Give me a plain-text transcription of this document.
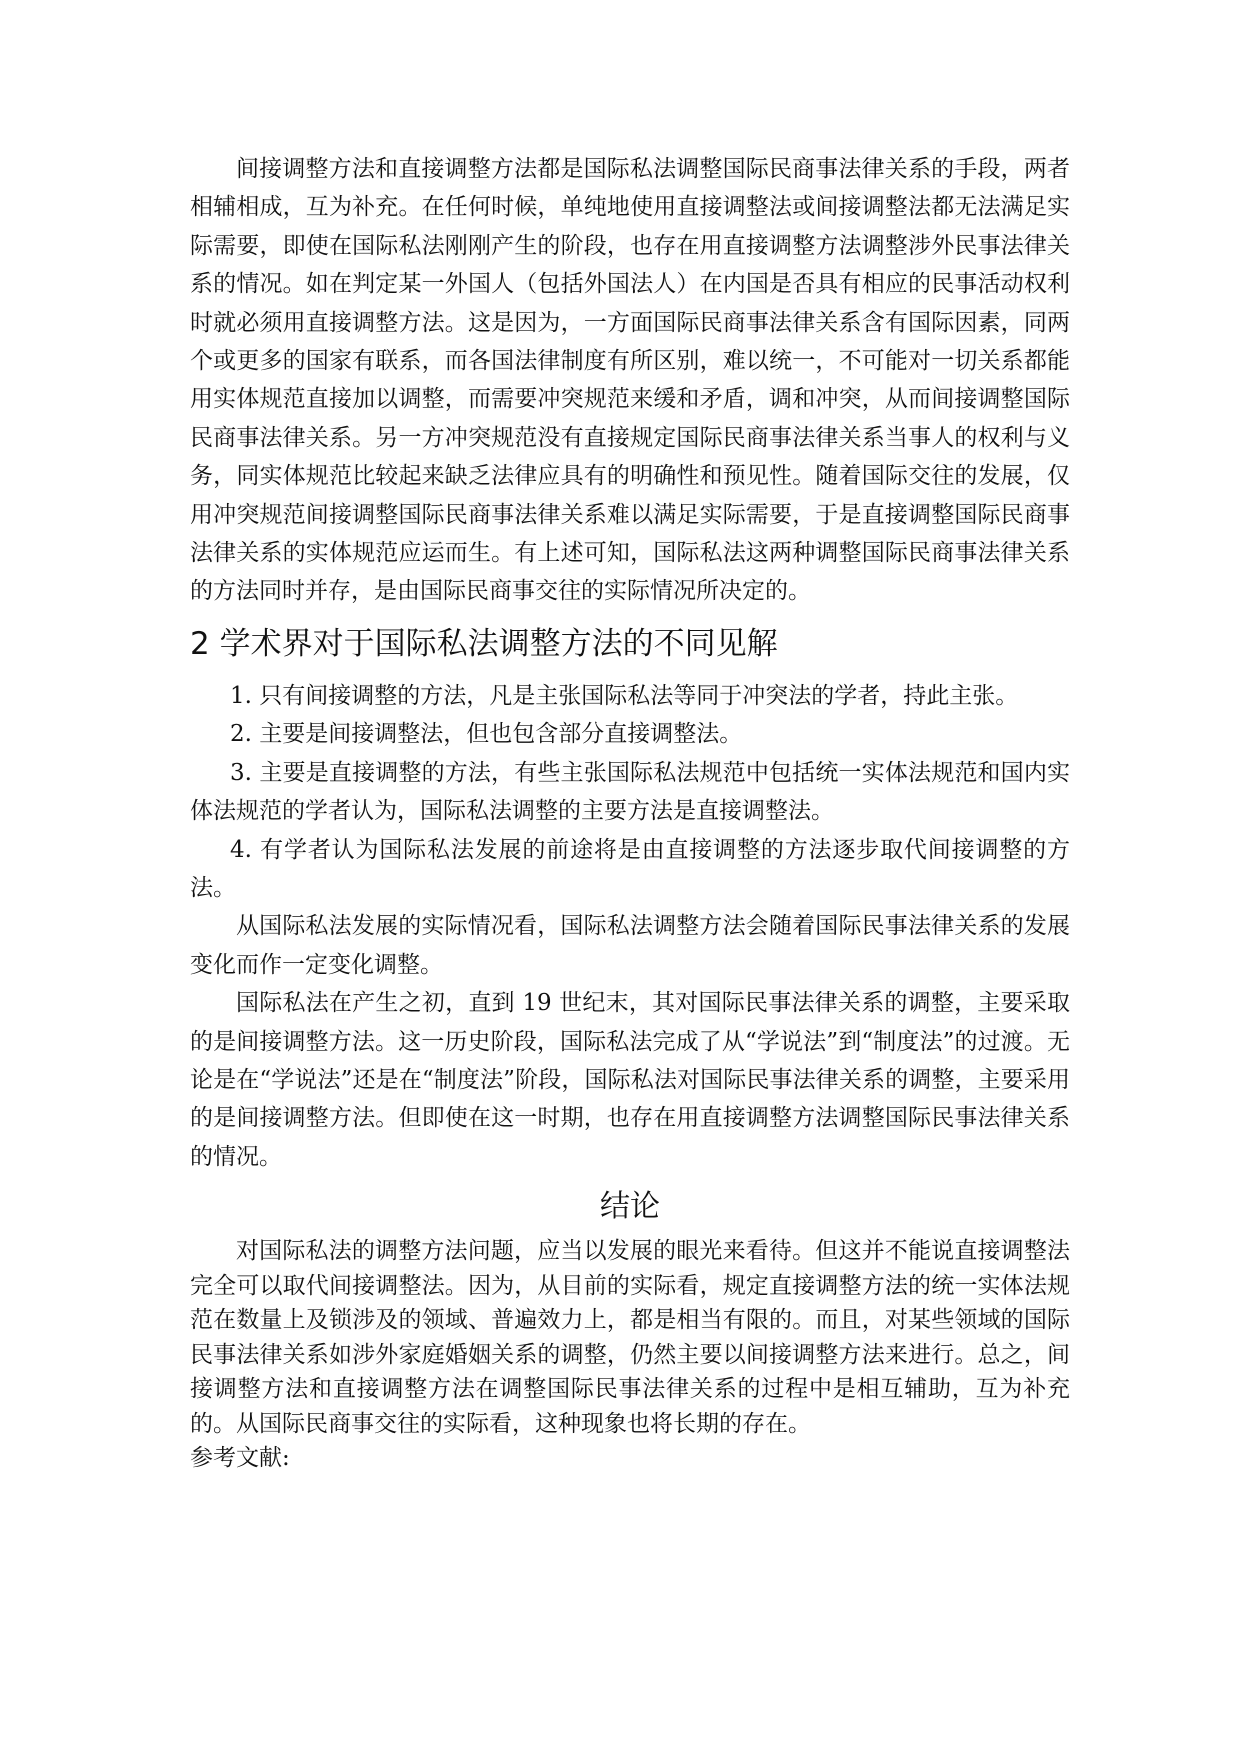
间接调整方法和直接调整方法都是国际私法调整国际民商事法律关系的手段，两者相辅相成，互为补充。在任何时候，单纯地使用直接调整法或间接调整法都无法满足实际需要，即使在国际私法刚刚产生的阶段，也存在用直接调整方法调整涉外民事法律关系的情况。如在判定某一外国人（包括外国法人）在内国是否具有相应的民事活动权利时就必须用直接调整方法。这是因为，一方面国际民商事法律关系含有国际因素，同两个或更多的国家有联系，而各国法律制度有所区别，难以统一，不可能对一切关系都能用实体规范直接加以调整，而需要冲突规范来缓和矛盾，调和冲突，从而间接调整国际民商事法律关系。另一方冲突规范没有直接规定国际民商事法律关系当事人的权利与义务，同实体规范比较起来缺乏法律应具有的明确性和预见性。随着国际交往的发展，仅用冲突规范间接调整国际民商事法律关系难以满足实际需要，于是直接调整国际民商事法律关系的实体规范应运而生。有上述可知，国际私法这两种调整国际民商事法律关系的方法同时并存，是由国际民商事交往的实际情况所决定的。

2 学术界对于国际私法调整方法的不同见解

1. 只有间接调整的方法，凡是主张国际私法等同于冲突法的学者，持此主张。

2. 主要是间接调整法，但也包含部分直接调整法。

3. 主要是直接调整的方法，有些主张国际私法规范中包括统一实体法规范和国内实体法规范的学者认为，国际私法调整的主要方法是直接调整法。

4. 有学者认为国际私法发展的前途将是由直接调整的方法逐步取代间接调整的方法。

从国际私法发展的实际情况看，国际私法调整方法会随着国际民事法律关系的发展变化而作一定变化调整。

国际私法在产生之初，直到 19 世纪末，其对国际民事法律关系的调整，主要采取的是间接调整方法。这一历史阶段，国际私法完成了从“学说法”到“制度法”的过渡。无论是在“学说法”还是在“制度法”阶段，国际私法对国际民事法律关系的调整，主要采用的是间接调整方法。但即使在这一时期，也存在用直接调整方法调整国际民事法律关系的情况。

结论

对国际私法的调整方法问题，应当以发展的眼光来看待。但这并不能说直接调整法完全可以取代间接调整法。因为，从目前的实际看，规定直接调整方法的统一实体法规范在数量上及锁涉及的领域、普遍效力上，都是相当有限的。而且，对某些领域的国际民事法律关系如涉外家庭婚姻关系的调整，仍然主要以间接调整方法来进行。总之，间接调整方法和直接调整方法在调整国际民事法律关系的过程中是相互辅助，互为补充的。从国际民商事交往的实际看，这种现象也将长期的存在。

参考文献:
